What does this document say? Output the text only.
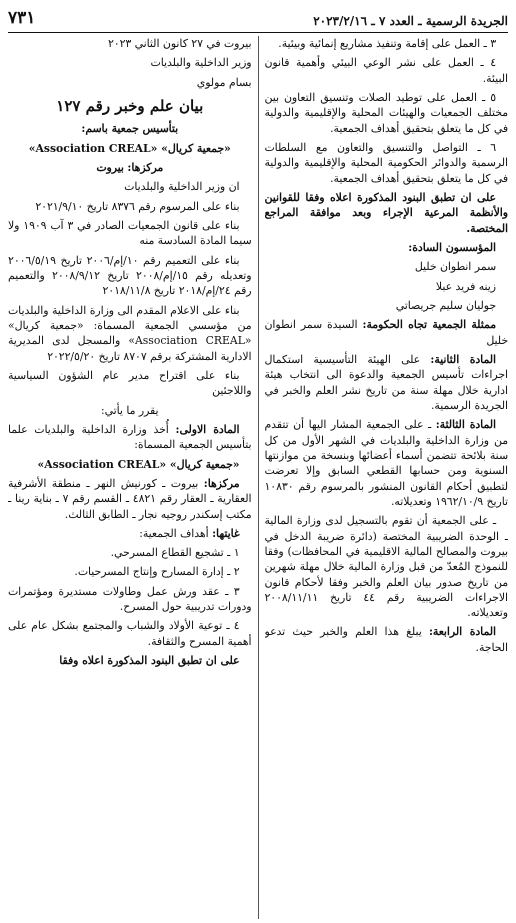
الجريدة الرسمية ـ العدد ٧ ـ ٢٠٢٣/٢/١٦
٧٣١

٣ ـ العمل على إقامة وتنفيذ مشاريع إنمائية وبيئية.

٤ ـ العمل على نشر الوعي البيئي وأهمية قانون البيئة.

٥ ـ العمل على توطيد الصلات وتنسيق التعاون بين مختلف الجمعيات والهيئات المحلية والإقليمية والدولية في كل ما يتعلق بتحقيق أهداف الجمعية.

٦ ـ التواصل والتنسيق والتعاون مع السلطات الرسمية والدوائر الحكومية المحلية والإقليمية والدولية في كل ما يتعلق بتحقيق أهداف الجمعية.

على ان تطبق البنود المذكورة اعلاه وفقا للقوانين والأنظمة المرعية الإجراء وبعد موافقة المراجع المختصة.

المؤسسون السادة:

سمر انطوان خليل

زينه فريد عبلا

جوليان سليم جريصاتي

ممثلة الجمعية تجاه الحكومة: السيدة سمر انطوان خليل

المادة الثانية: على الهيئة التأسيسية استكمال اجراءات تأسيس الجمعية والدعوة الى انتخاب هيئة ادارية خلال مهلة سنة من تاريخ نشر العلم والخبر في الجريدة الرسمية.

المادة الثالثة: ـ على الجمعية المشار اليها أن تتقدم من وزارة الداخلية والبلديات في الشهر الأول من كل سنة بلائحة تتضمن أسماء أعضائها وبنسخة من موازنتها السنوية ومن حسابها القطعي السابق وإلا تعرضت لتطبيق أحكام القانون المنشور بالمرسوم رقم ١٠٨٣٠ تاريخ ١٩٦٢/١٠/٩ وتعديلاته.

ـ على الجمعية أن تقوم بالتسجيل لدى وزارة المالية ـ الوحدة الضريبية المختصة (دائرة ضريبة الدخل في بيروت والمصالح المالية الاقليمية في المحافظات) وفقا للنموذج المُعدّ من قبل وزارة المالية خلال مهلة شهرين من تاريخ صدور بيان العلم والخبر وفقا لأحكام قانون الاجراءات الضريبية رقم ٤٤ تاريخ ٢٠٠٨/١١/١١ وتعديلاته.

المادة الرابعة: يبلغ هذا العلم والخبر حيث تدعو الحاجة.

بيروت في ٢٧ كانون الثاني ٢٠٢٣

وزير الداخلية والبلديات

بسام مولوي

بيان علم وخبر رقم ١٢٧

بتأسيس جمعية باسم:

«جمعية كريال» «Association CREAL»

مركزها: بيروت

ان وزير الداخلية والبلديات

بناء على المرسوم رقم ٨٣٧٦ تاريخ ٢٠٢١/٩/١٠

بناء على قانون الجمعيات الصادر في ٣ آب ١٩٠٩ ولا سيما المادة السادسة منه

بناء على التعميم رقم ١٠/إم/٢٠٠٦ تاريخ ٢٠٠٦/٥/١٩ وتعديله رقم ١٥/إم/٢٠٠٨ تاريخ ٢٠٠٨/٩/١٢ والتعميم رقم ٢٤/إم/٢٠١٨ تاريخ ٢٠١٨/١١/٨

بناء على الاعلام المقدم الى وزارة الداخلية والبلديات من مؤسسي الجمعية المسماة: «جمعية كريال» «Association CREAL» والمسجل لدى المديرية الادارية المشتركة برقم ٨٧٠٧ تاريخ ٢٠٢٢/٥/٢٠

بناء على اقتراح مدير عام الشؤون السياسية واللاجئين

يقرر ما يأتي:

المادة الاولى: أُخذ وزارة الداخلية والبلديات علما بتأسيس الجمعية المسماة:

«جمعية كريال» «Association CREAL»

مركزها: بيروت ـ كورنيش النهر ـ منطقة الأشرفية العقارية ـ العقار رقم ٤٨٢١ ـ القسم رقم ٧ ـ بناية رينا ـ مكتب إسكندر روجيه نجار ـ الطابق الثالث.

غايتها: أهداف الجمعية:

١ ـ تشجيع القطاع المسرحي.

٢ ـ إدارة المسارح وإنتاج المسرحيات.

٣ ـ عقد ورش عمل وطاولات مستديرة ومؤتمرات ودورات تدريبية حول المسرح.

٤ ـ توعية الأولاد والشباب والمجتمع بشكل عام على أهمية المسرح والثقافة.

على ان تطبق البنود المذكورة اعلاه وفقا
